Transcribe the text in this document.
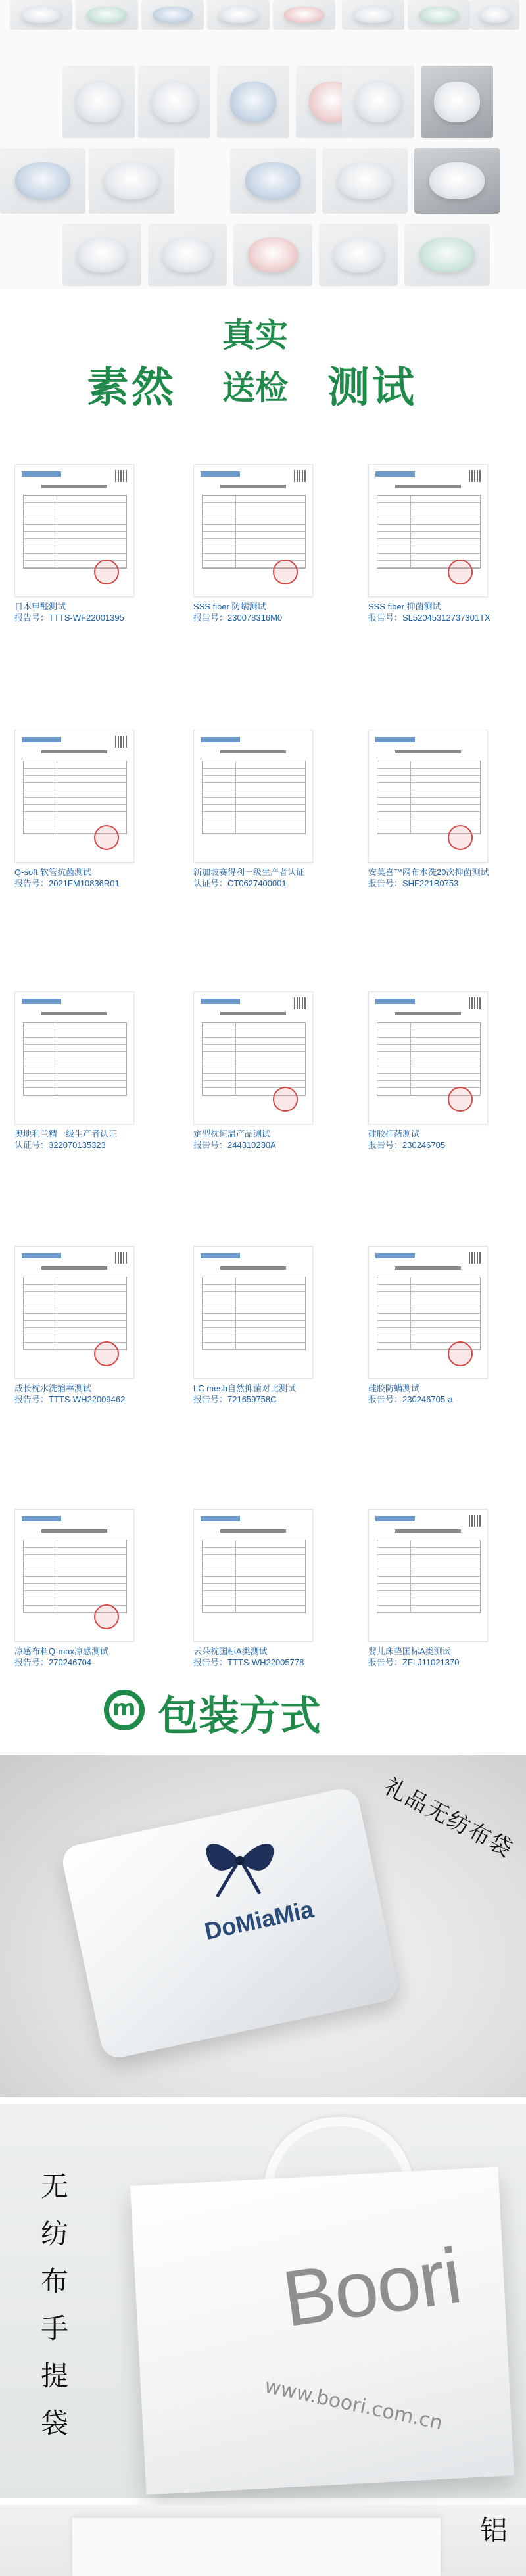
素然
真实
送检 测试
日本甲醛测试
报告号：TTTS-WF22001395
SSS fiber 防螨测试
报告号：230078316M0
SSS fiber 抑菌测试
报告号：SL52045312737301TX
Q-soft 软管抗菌测试
报告号：2021FM10836R01
新加坡赛得利一级生产者认证
认证号：CT0627400001
安莫喜™网布水洗20次抑菌测试
报告号：SHF221B0753
奥地利兰精一级生产者认证
认证号：322070135323
定型枕恒温产品测试
报告号：244310230A
硅胶抑菌测试
报告号：230246705
成长枕水洗缩率测试
报告号：TTTS-WH22009462
LC mesh自然抑菌对比测试
报告号：721659758C
硅胶防螨测试
报告号：230246705-a
凉感布料Q-max凉感测试
报告号：270246704
云朵枕国标A类测试
报告号：TTTS-WH22005778
婴儿床垫国标A类测试
报告号：ZFLJ11021370
m 包装方式
DoMiaMia
礼品无纺布袋
Boori
www.boori.com.cn
无
纺
布
手
提
袋
铝
